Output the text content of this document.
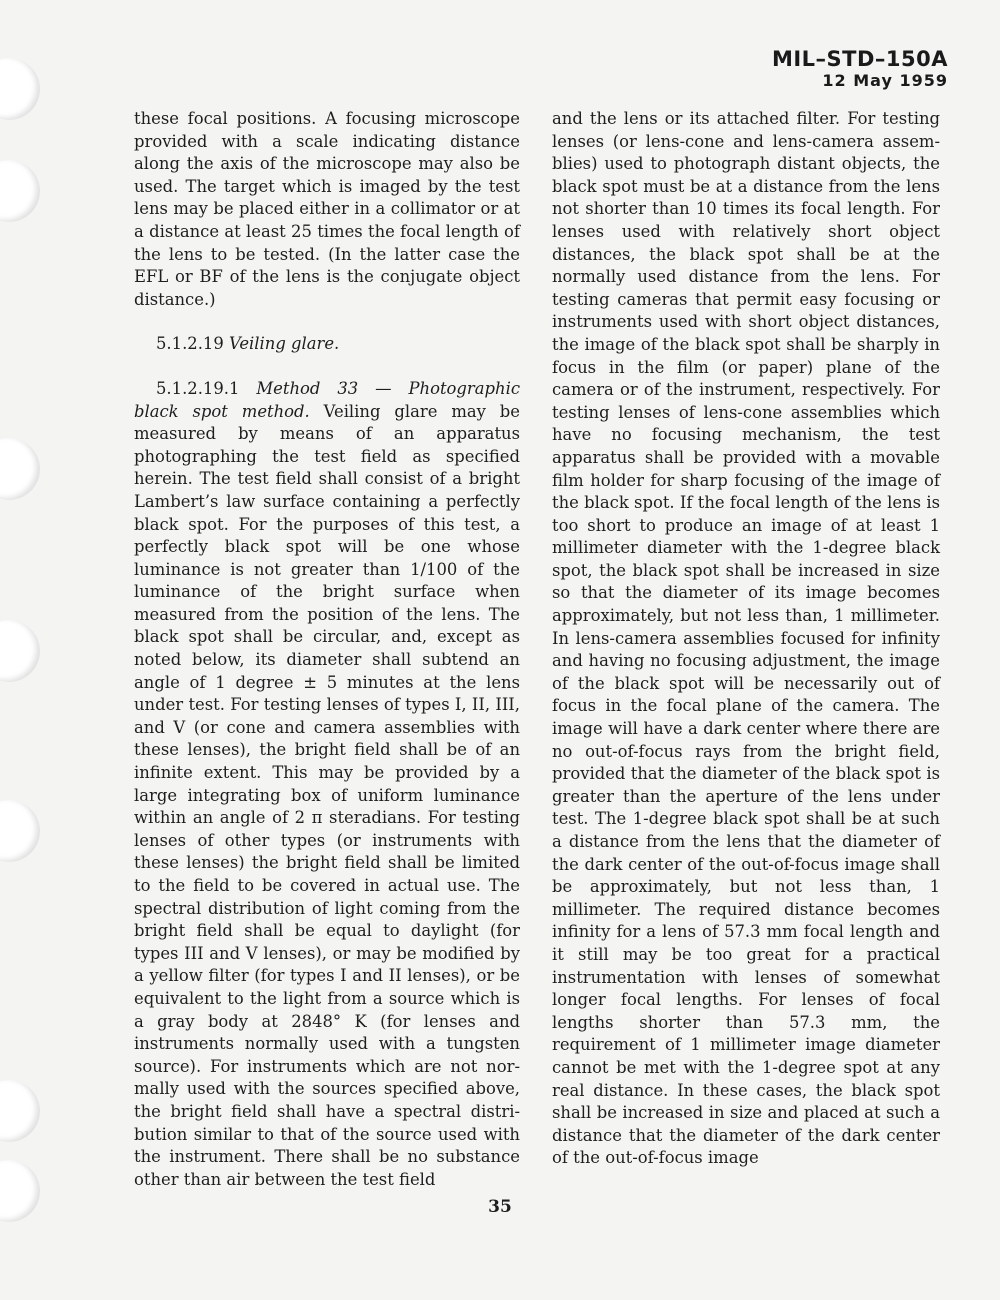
MIL–STD–150A
12 May 1959

these focal positions. A focusing microscope provided with a scale indicating distance along the axis of the microscope may also be used. The target which is imaged by the test lens may be placed either in a collimator or at a distance at least 25 times the focal length of the lens to be tested. (In the latter case the EFL or BF of the lens is the conjugate object distance.)

5.1.2.19 Veiling glare.

5.1.2.19.1 Method 33 — Photographic black spot method. Veiling glare may be measured by means of an apparatus photographing the test field as specified herein. The test field shall consist of a bright Lambert’s law surface containing a perfectly black spot. For the purposes of this test, a perfectly black spot will be one whose luminance is not greater than 1/100 of the luminance of the bright surface when measured from the position of the lens. The black spot shall be circular, and, except as noted below, its diameter shall subtend an angle of 1 degree ± 5 minutes at the lens under test. For testing lenses of types I, II, III, and V (or cone and camera assemblies with these lenses), the bright field shall be of an infinite extent. This may be provided by a large integrating box of uniform luminance within an angle of 2 π steradians. For testing lenses of other types (or instruments with these lenses) the bright field shall be limited to the field to be covered in actual use. The spectral distribution of light coming from the bright field shall be equal to daylight (for types III and V lenses), or may be modified by a yellow filter (for types I and II lenses), or be equivalent to the light from a source which is a gray body at 2848° K (for lenses and instruments normally used with a tungsten source). For instruments which are not normally used with the sources specified above, the bright field shall have a spectral distribution similar to that of the source used with the instrument. There shall be no substance other than air between the test field

and the lens or its attached filter. For testing lenses (or lens-cone and lens-camera assemblies) used to photograph distant objects, the black spot must be at a distance from the lens not shorter than 10 times its focal length. For lenses used with relatively short object distances, the black spot shall be at the normally used distance from the lens. For testing cameras that permit easy focusing or instruments used with short object distances, the image of the black spot shall be sharply in focus in the film (or paper) plane of the camera or of the instrument, respectively. For testing lenses of lens-cone assemblies which have no focusing mechanism, the test apparatus shall be provided with a movable film holder for sharp focusing of the image of the black spot. If the focal length of the lens is too short to produce an image of at least 1 millimeter diameter with the 1-degree black spot, the black spot shall be increased in size so that the diameter of its image becomes approximately, but not less than, 1 millimeter. In lens-camera assemblies focused for infinity and having no focusing adjustment, the image of the black spot will be necessarily out of focus in the focal plane of the camera. The image will have a dark center where there are no out-of-focus rays from the bright field, provided that the diameter of the black spot is greater than the aperture of the lens under test. The 1-degree black spot shall be at such a distance from the lens that the diameter of the dark center of the out-of-focus image shall be approximately, but not less than, 1 millimeter. The required distance becomes infinity for a lens of 57.3 mm focal length and it still may be too great for a practical instrumentation with lenses of somewhat longer focal lengths. For lenses of focal lengths shorter than 57.3 mm, the requirement of 1 millimeter image diameter cannot be met with the 1-degree spot at any real distance. In these cases, the black spot shall be increased in size and placed at such a distance that the diameter of the dark center of the out-of-focus image

35
